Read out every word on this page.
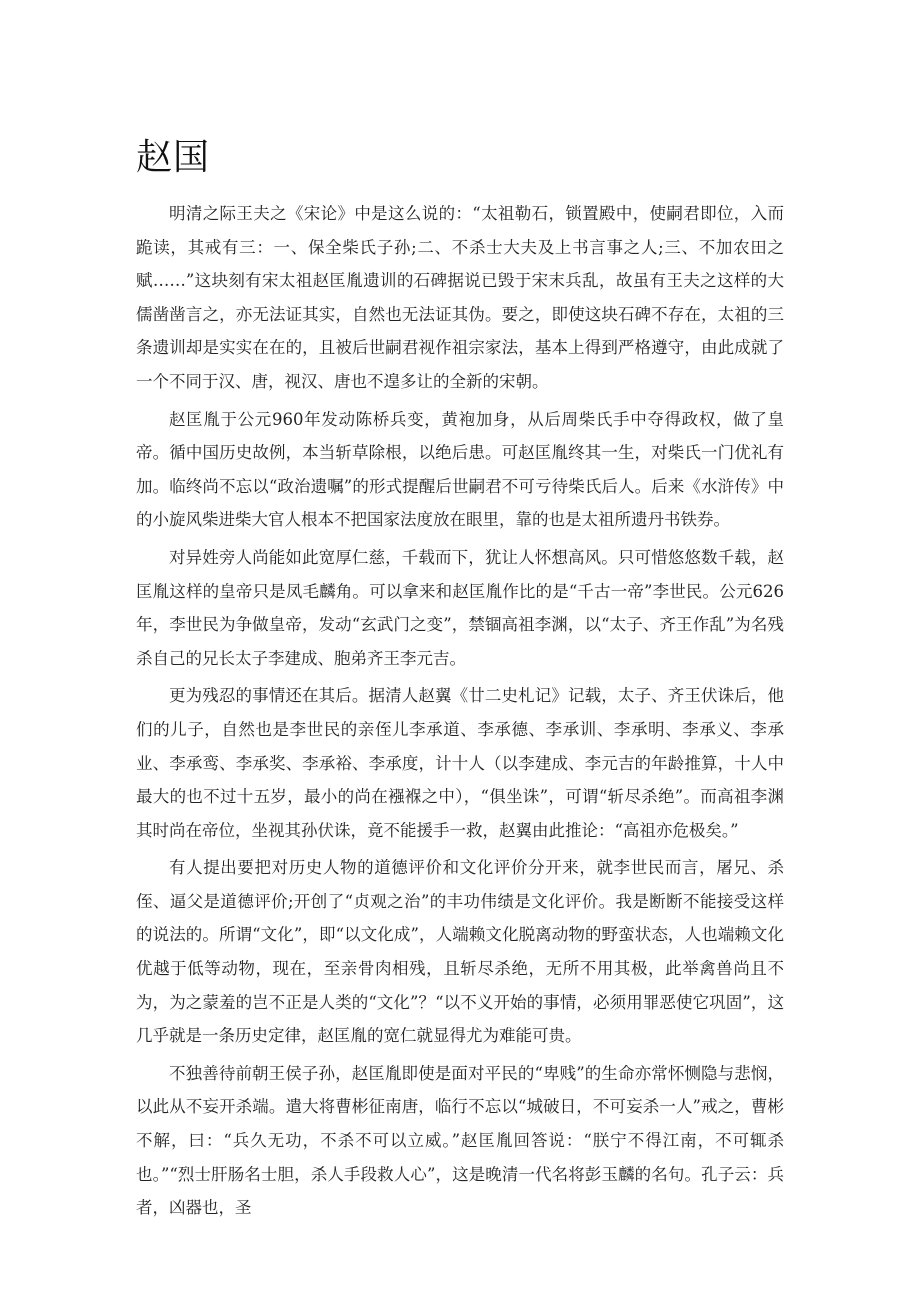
赵国

明清之际王夫之《宋论》中是这么说的：“太祖勒石，锁置殿中，使嗣君即位，入而跪读，其戒有三：一、保全柴氏子孙;二、不杀士大夫及上书言事之人;三、不加农田之赋……”这块刻有宋太祖赵匡胤遗训的石碑据说已毁于宋末兵乱，故虽有王夫之这样的大儒凿凿言之，亦无法证其实，自然也无法证其伪。要之，即使这块石碑不存在，太祖的三条遗训却是实实在在的，且被后世嗣君视作祖宗家法，基本上得到严格遵守，由此成就了一个不同于汉、唐，视汉、唐也不遑多让的全新的宋朝。

赵匡胤于公元960年发动陈桥兵变，黄袍加身，从后周柴氏手中夺得政权，做了皇帝。循中国历史故例，本当斩草除根，以绝后患。可赵匡胤终其一生，对柴氏一门优礼有加。临终尚不忘以“政治遗嘱”的形式提醒后世嗣君不可亏待柴氏后人。后来《水浒传》中的小旋风柴进柴大官人根本不把国家法度放在眼里，靠的也是太祖所遗丹书铁券。

对异姓旁人尚能如此宽厚仁慈，千载而下，犹让人怀想高风。只可惜悠悠数千载，赵匡胤这样的皇帝只是凤毛麟角。可以拿来和赵匡胤作比的是“千古一帝”李世民。公元626年，李世民为争做皇帝，发动“玄武门之变”，禁锢高祖李渊，以“太子、齐王作乱”为名残杀自己的兄长太子李建成、胞弟齐王李元吉。

更为残忍的事情还在其后。据清人赵翼《廿二史札记》记载，太子、齐王伏诛后，他们的儿子，自然也是李世民的亲侄儿李承道、李承德、李承训、李承明、李承义、李承业、李承鸾、李承奖、李承裕、李承度，计十人（以李建成、李元吉的年龄推算，十人中最大的也不过十五岁，最小的尚在襁褓之中），“俱坐诛”，可谓“斩尽杀绝”。而高祖李渊其时尚在帝位，坐视其孙伏诛，竟不能援手一救，赵翼由此推论：“高祖亦危极矣。”

有人提出要把对历史人物的道德评价和文化评价分开来，就李世民而言，屠兄、杀侄、逼父是道德评价;开创了“贞观之治”的丰功伟绩是文化评价。我是断断不能接受这样的说法的。所谓“文化”，即“以文化成”，人端赖文化脱离动物的野蛮状态，人也端赖文化优越于低等动物，现在，至亲骨肉相残，且斩尽杀绝，无所不用其极，此举禽兽尚且不为，为之蒙羞的岂不正是人类的“文化”？“以不义开始的事情，必须用罪恶使它巩固”，这几乎就是一条历史定律，赵匡胤的宽仁就显得尤为难能可贵。

不独善待前朝王侯子孙，赵匡胤即使是面对平民的“卑贱”的生命亦常怀恻隐与悲悯，以此从不妄开杀端。遣大将曹彬征南唐，临行不忘以“城破日，不可妄杀一人”戒之，曹彬不解，曰：“兵久无功，不杀不可以立威。”赵匡胤回答说：“朕宁不得江南，不可辄杀也。”“烈士肝肠名士胆，杀人手段救人心”，这是晚清一代名将彭玉麟的名句。孔子云：兵者，凶器也，圣
